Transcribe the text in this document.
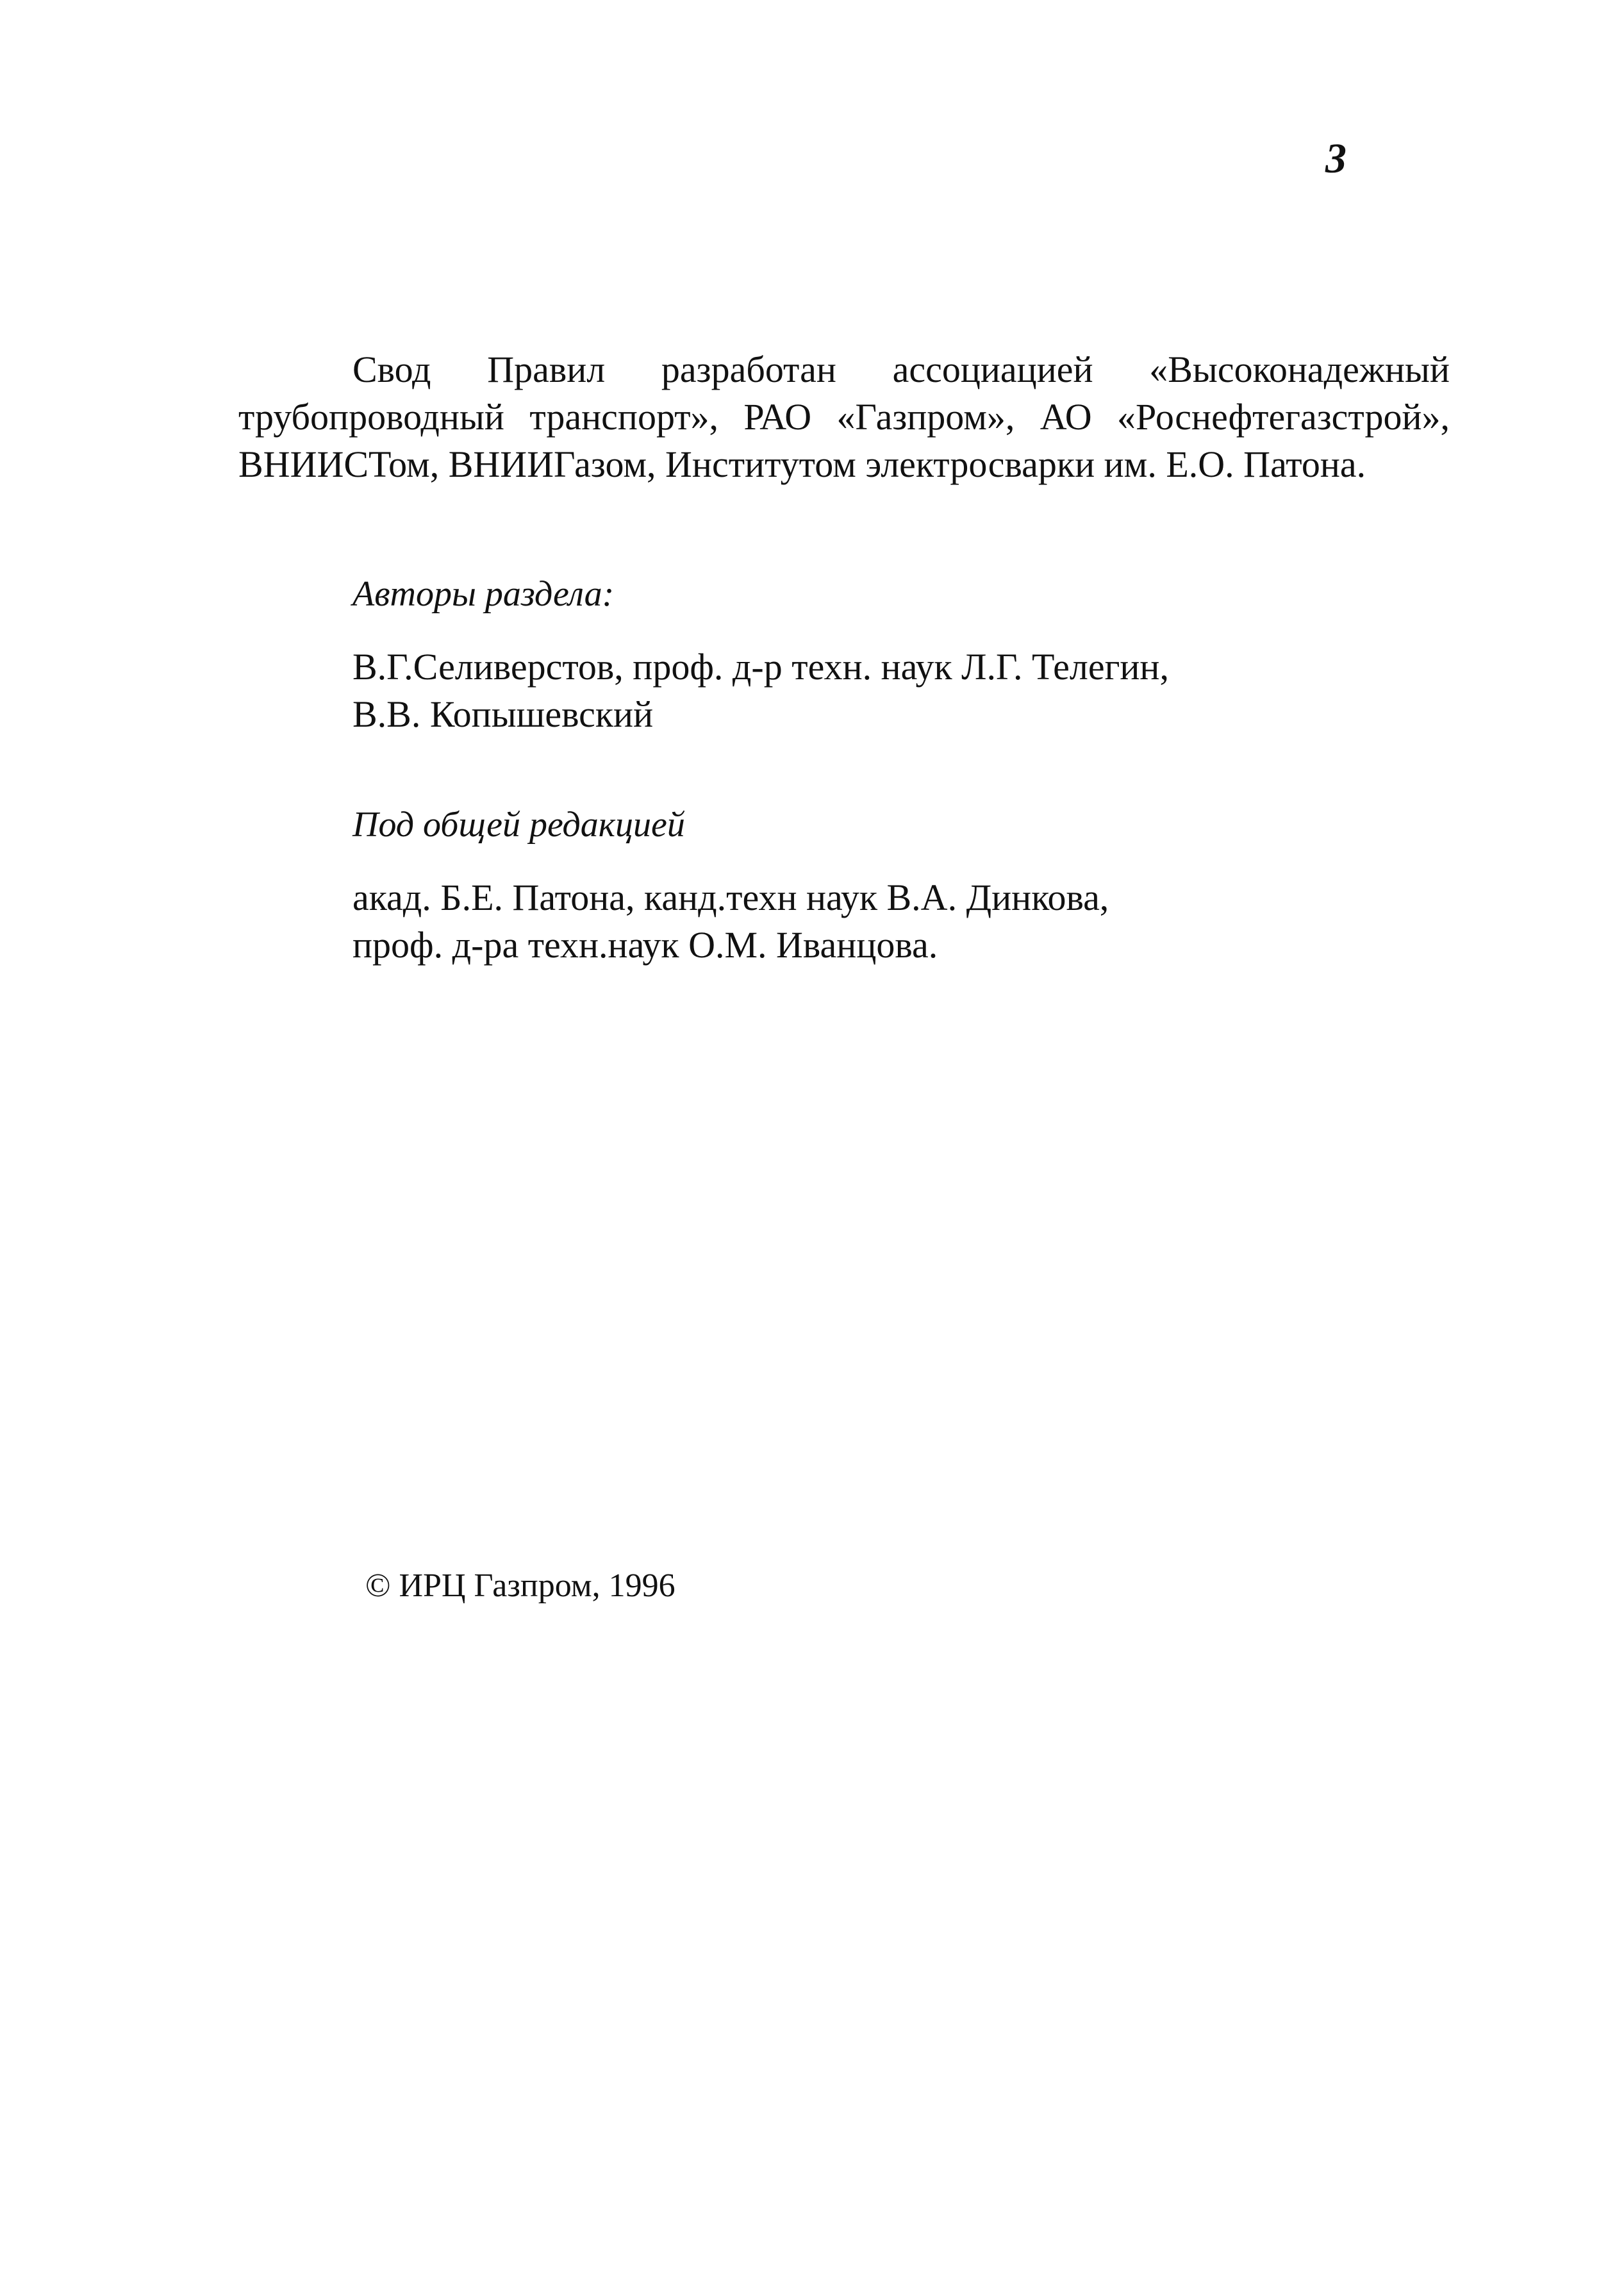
3

Свод Правил разработан ассоциацией «Высоконадежный трубопроводный транспорт», РАО «Газпром», АО «Роснефтегазстрой», ВНИИСТом, ВНИИГазом, Институтом электросварки им. Е.О. Патона.

Авторы раздела:

В.Г.Селиверстов, проф. д-р техн. наук Л.Г. Телегин,

В.В. Копышевский

Под общей редакцией

акад. Б.Е. Патона, канд.техн наук В.А. Динкова,

проф. д-ра техн.наук О.М. Иванцова.

© ИРЦ Газпром, 1996
